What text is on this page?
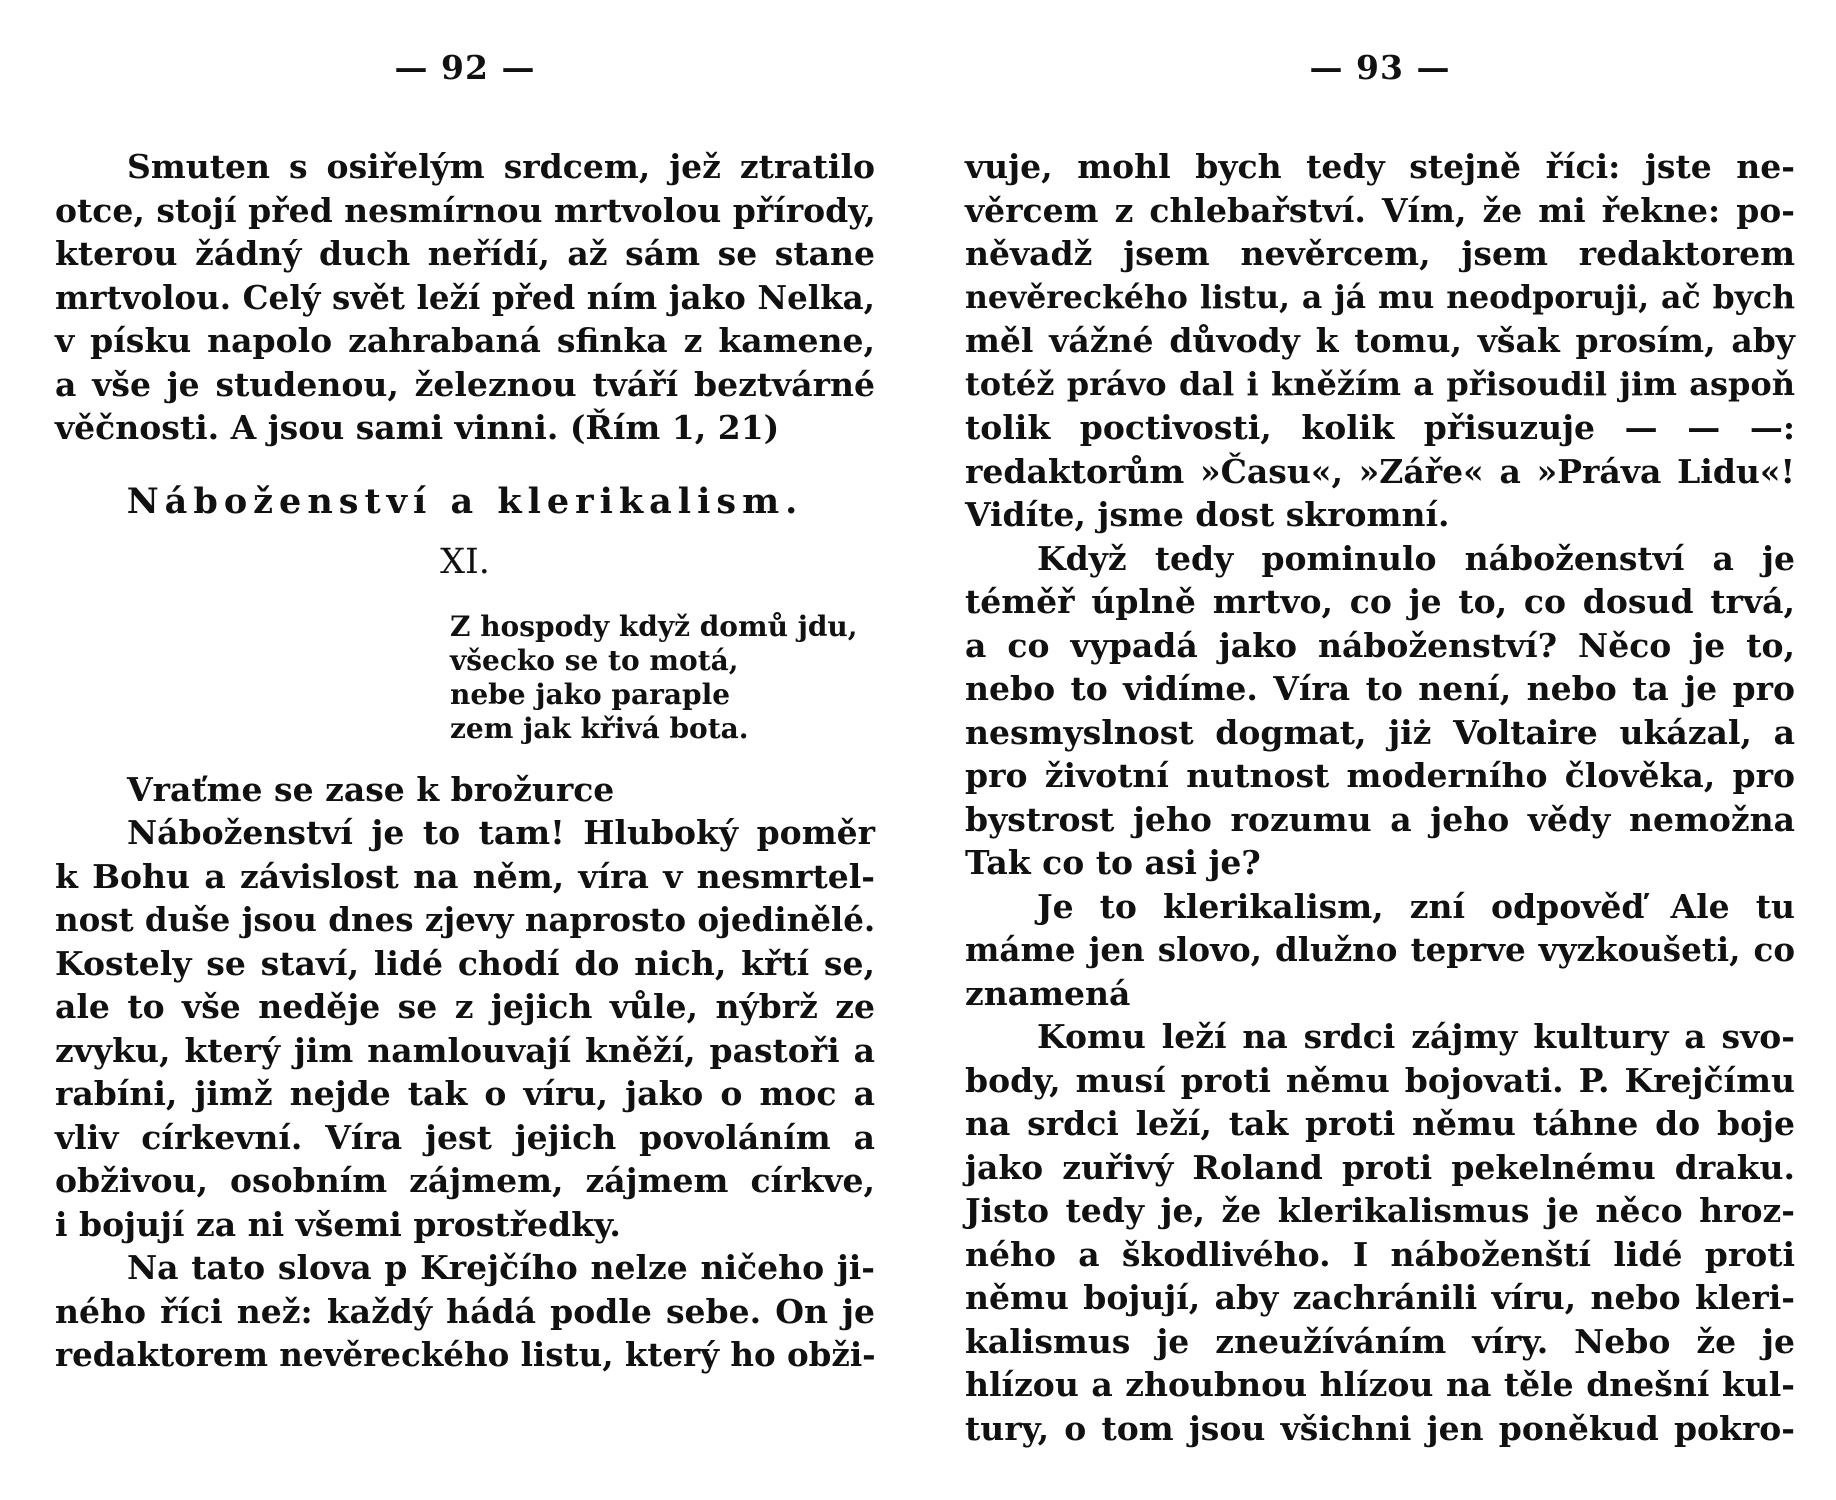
— 92 —
Smuten s osiřelým srdcem, jež ztratilo
otce, stojí před nesmírnou mrtvolou přírody,
kterou žádný duch neřídí, až sám se stane
mrtvolou. Celý svět leží před ním jako Nelka,
v písku napolo zahrabaná sfinka z kamene,
a vše je studenou, železnou tváří beztvárné
věčnosti. A jsou sami vinni. (Řím 1, 21)
Náboženství a klerikalism.
XI.
Z hospody když domů jdu,
všecko se to motá,
nebe jako paraple
zem jak křivá bota.
Vraťme se zase k brožurce
Náboženství je to tam! Hluboký poměr
k Bohu a závislost na něm, víra v nesmrtel-
nost duše jsou dnes zjevy naprosto ojedinělé.
Kostely se staví, lidé chodí do nich, křtí se,
ale to vše neděje se z jejich vůle, nýbrž ze
zvyku, který jim namlouvají kněží, pastoři a
rabíni, jimž nejde tak o víru, jako o moc a
vliv církevní. Víra jest jejich povoláním a
obživou, osobním zájmem, zájmem církve,
i bojují za ni všemi prostředky.
Na tato slova p Krejčího nelze ničeho ji-
ného říci než: každý hádá podle sebe. On je
redaktorem nevěreckého listu, který ho obži-
— 93 —
vuje, mohl bych tedy stejně říci: jste ne-
věrcem z chlebařství. Vím, že mi řekne: po-
něvadž jsem nevěrcem, jsem redaktorem
nevěreckého listu, a já mu neodporuji, ač bych
měl vážné důvody k tomu, však prosím, aby
totéž právo dal i kněžím a přisoudil jim aspoň
tolik poctivosti, kolik přisuzuje — — —:
redaktorům »Času«, »Záře« a »Práva Lidu«!
Vidíte, jsme dost skromní.
Když tedy pominulo náboženství a je
téměř úplně mrtvo, co je to, co dosud trvá,
a co vypadá jako náboženství? Něco je to,
nebo to vidíme. Víra to není, nebo ta je pro
nesmyslnost dogmat, jiż Voltaire ukázal, a
pro životní nutnost moderního člověka, pro
bystrost jeho rozumu a jeho vědy nemožna
Tak co to asi je?
Je to klerikalism, zní odpověď Ale tu
máme jen slovo, dlužno teprve vyzkoušeti, co
znamená
Komu leží na srdci zájmy kultury a svo-
body, musí proti němu bojovati. P. Krejčímu
na srdci leží, tak proti němu táhne do boje
jako zuřivý Roland proti pekelnému draku.
Jisto tedy je, že klerikalismus je něco hroz-
ného a škodlivého. I náboženští lidé proti
němu bojují, aby zachránili víru, nebo kleri-
kalismus je zneužíváním víry. Nebo že je
hlízou a zhoubnou hlízou na těle dnešní kul-
tury, o tom jsou všichni jen poněkud pokro-
